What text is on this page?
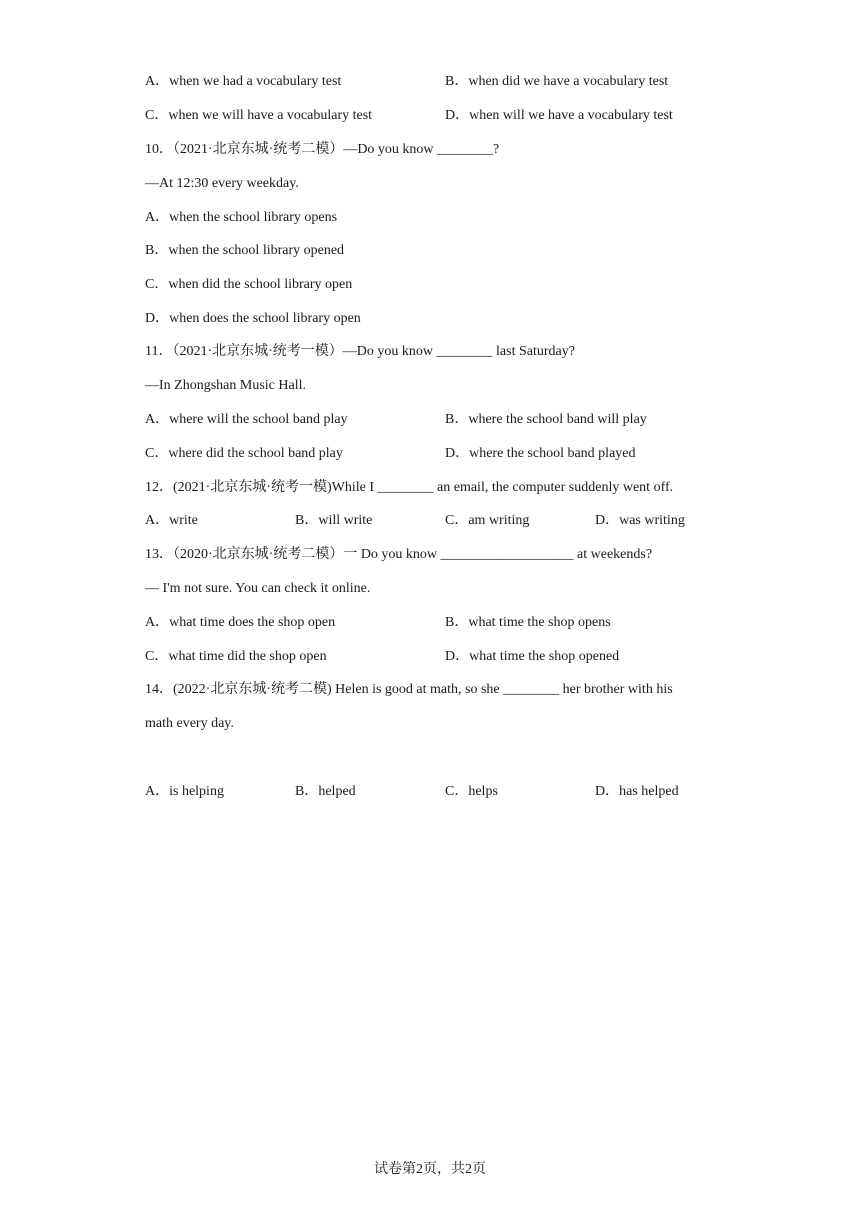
A．when we had a vocabulary test	B．when did we have a vocabulary test
C．when we will have a vocabulary test	D．when will we have a vocabulary test
10．（2021·北京东城·统考二模）—Do you know ________?
—At 12:30 every weekday.
A．when the school library opens
B．when the school library opened
C．when did the school library open
D．when does the school library open
11．（2021·北京东城·统考一模）—Do you know ________ last Saturday?
—In Zhongshan Music Hall.
A．where will the school band play	B．where the school band will play
C．where did the school band play	D．where the school band played
12．(2021·北京东城·统考一模)While I ________ an email, the computer suddenly went off.
A．write	B．will write	C．am writing	D．was writing
13．（2020·北京东城·统考二模）一 Do you know ___________________ at weekends?
— I'm not sure. You can check it online.
A．what time does the shop open	B．what time the shop opens
C．what time did the shop open	D．what time the shop opened
14．(2022·北京东城·统考二模) Helen is good at math, so she ________ her brother with his
math every day.
A．is helping	B．helped	C．helps	D．has helped
试卷第2页，共2页
